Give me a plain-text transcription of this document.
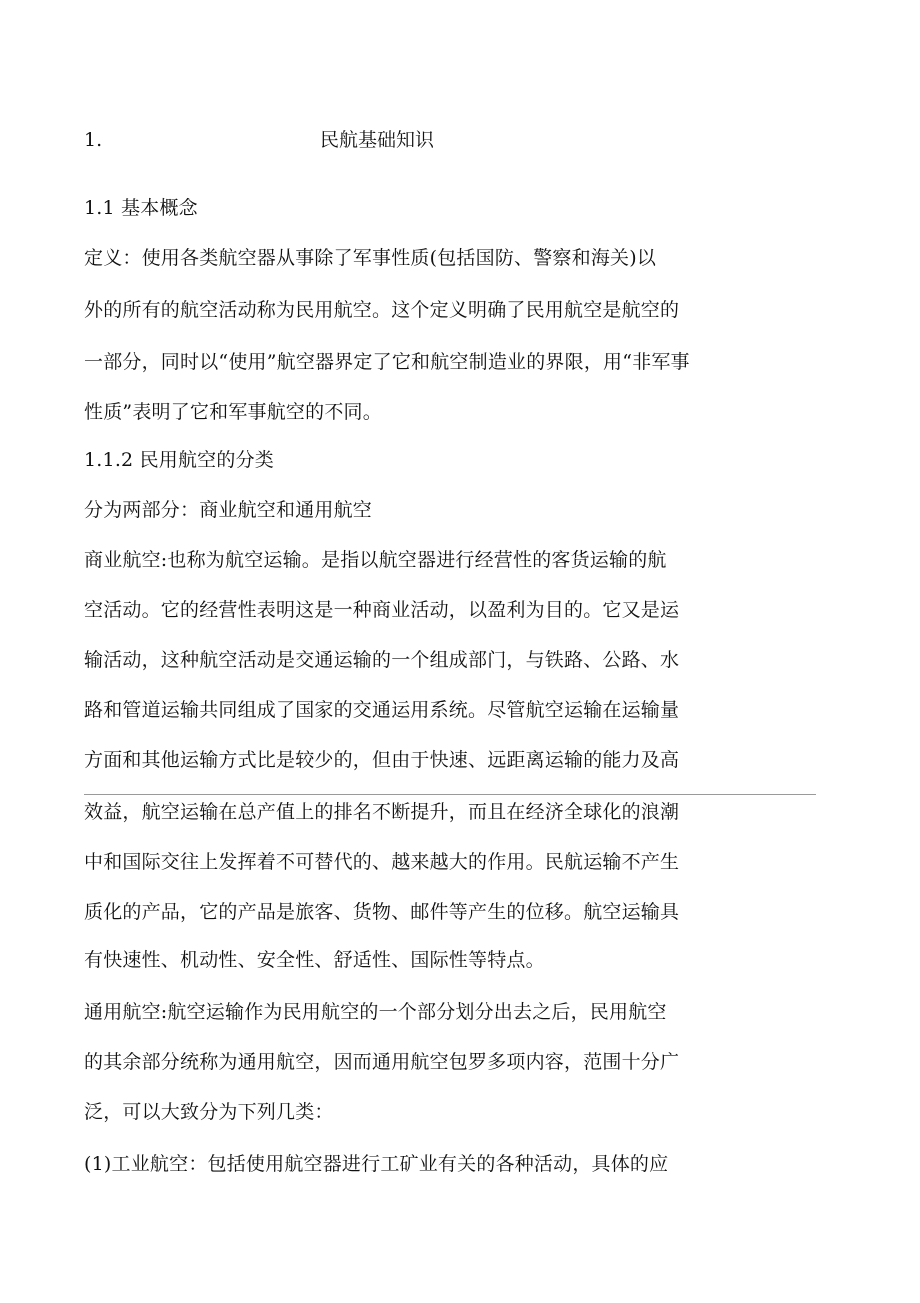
1.	民航基础知识
1.1 基本概念
定义：使用各类航空器从事除了军事性质(包括国防、警察和海关)以
外的所有的航空活动称为民用航空。这个定义明确了民用航空是航空的
一部分，同时以“使用”航空器界定了它和航空制造业的界限，用“非军事
性质”表明了它和军事航空的不同。
1.1.2 民用航空的分类
分为两部分：商业航空和通用航空
商业航空:也称为航空运输。是指以航空器进行经营性的客货运输的航
空活动。它的经营性表明这是一种商业活动，以盈利为目的。它又是运
输活动，这种航空活动是交通运输的一个组成部门，与铁路、公路、水
路和管道运输共同组成了国家的交通运用系统。尽管航空运输在运输量
方面和其他运输方式比是较少的，但由于快速、远距离运输的能力及高
效益，航空运输在总产值上的排名不断提升，而且在经济全球化的浪潮
中和国际交往上发挥着不可替代的、越来越大的作用。民航运输不产生
质化的产品，它的产品是旅客、货物、邮件等产生的位移。航空运输具
有快速性、机动性、安全性、舒适性、国际性等特点。
通用航空:航空运输作为民用航空的一个部分划分出去之后，民用航空
的其余部分统称为通用航空，因而通用航空包罗多项内容，范围十分广
泛，可以大致分为下列几类：
(1)工业航空：包括使用航空器进行工矿业有关的各种活动，具体的应
